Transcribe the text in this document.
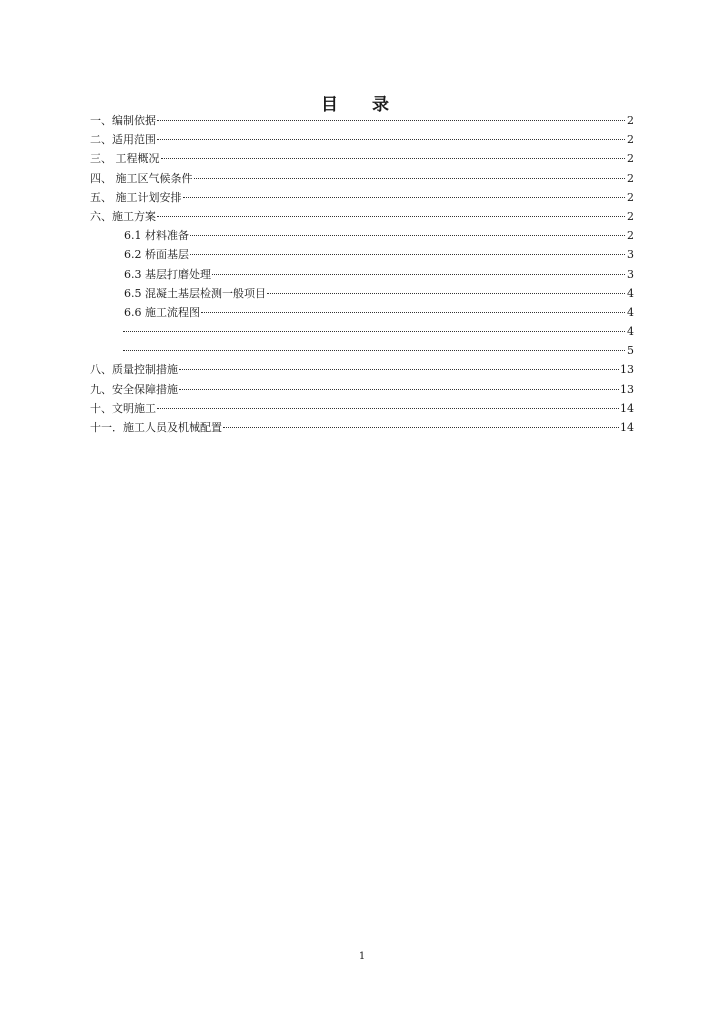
目 录
一、编制依据	2
二、适用范围	2
三、 工程概况	2
四、 施工区气候条件	2
五、 施工计划安排	2
六、施工方案	2
6.1 材料准备	2
6.2 桥面基层	3
6.3 基层打磨处理	3
6.5 混凝土基层检测一般项目	4
6.6 施工流程图	4
4
5
八、质量控制措施	13
九、安全保障措施	13
十、文明施工	14
十一．施工人员及机械配置	14
1
